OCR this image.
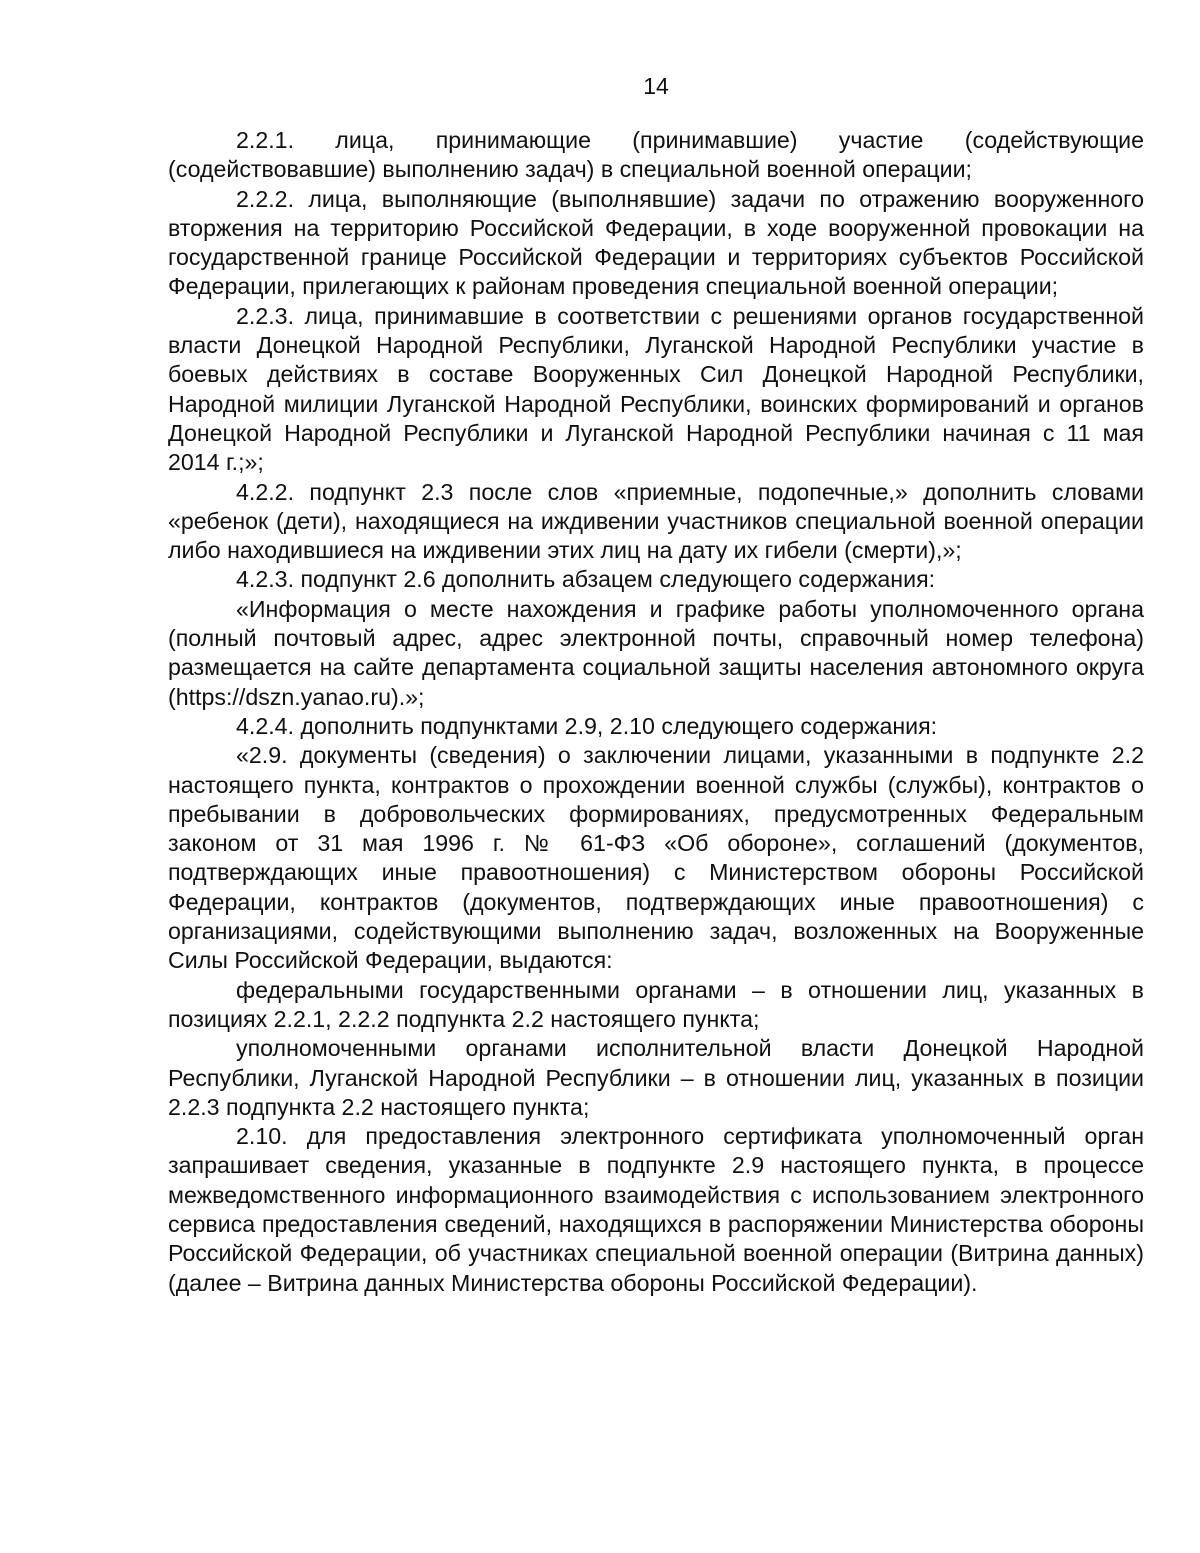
14

2.2.1. лица, принимающие (принимавшие) участие (содействующие (содействовавшие) выполнению задач) в специальной военной операции;

2.2.2. лица, выполняющие (выполнявшие) задачи по отражению вооруженного вторжения на территорию Российской Федерации, в ходе вооруженной провокации на государственной границе Российской Федерации и территориях субъектов Российской Федерации, прилегающих к районам проведения специальной военной операции;

2.2.3. лица, принимавшие в соответствии с решениями органов государственной власти Донецкой Народной Республики, Луганской Народной Республики участие в боевых действиях в составе Вооруженных Сил Донецкой Народной Республики, Народной милиции Луганской Народной Республики, воинских формирований и органов Донецкой Народной Республики и Луганской Народной Республики начиная с 11 мая 2014 г.;»;

4.2.2. подпункт 2.3 после слов «приемные, подопечные,» дополнить словами «ребенок (дети), находящиеся на иждивении участников специальной военной операции либо находившиеся на иждивении этих лиц на дату их гибели (смерти),»;

4.2.3. подпункт 2.6 дополнить абзацем следующего содержания:

«Информация о месте нахождения и графике работы уполномоченного органа (полный почтовый адрес, адрес электронной почты, справочный номер телефона) размещается на сайте департамента социальной защиты населения автономного округа (https://dszn.yanao.ru).»;

4.2.4. дополнить подпунктами 2.9, 2.10 следующего содержания:

«2.9. документы (сведения) о заключении лицами, указанными в подпункте 2.2 настоящего пункта, контрактов о прохождении военной службы (службы), контрактов о пребывании в добровольческих формированиях, предусмотренных Федеральным законом от 31 мая 1996 г. № 61-ФЗ «Об обороне», соглашений (документов, подтверждающих иные правоотношения) с Министерством обороны Российской Федерации, контрактов (документов, подтверждающих иные правоотношения) с организациями, содействующими выполнению задач, возложенных на Вооруженные Силы Российской Федерации, выдаются:

федеральными государственными органами – в отношении лиц, указанных в позициях 2.2.1, 2.2.2 подпункта 2.2 настоящего пункта;

уполномоченными органами исполнительной власти Донецкой Народной Республики, Луганской Народной Республики – в отношении лиц, указанных в позиции 2.2.3 подпункта 2.2 настоящего пункта;

2.10. для предоставления электронного сертификата уполномоченный орган запрашивает сведения, указанные в подпункте 2.9 настоящего пункта, в процессе межведомственного информационного взаимодействия с использованием электронного сервиса предоставления сведений, находящихся в распоряжении Министерства обороны Российской Федерации, об участниках специальной военной операции (Витрина данных) (далее – Витрина данных Министерства обороны Российской Федерации).
